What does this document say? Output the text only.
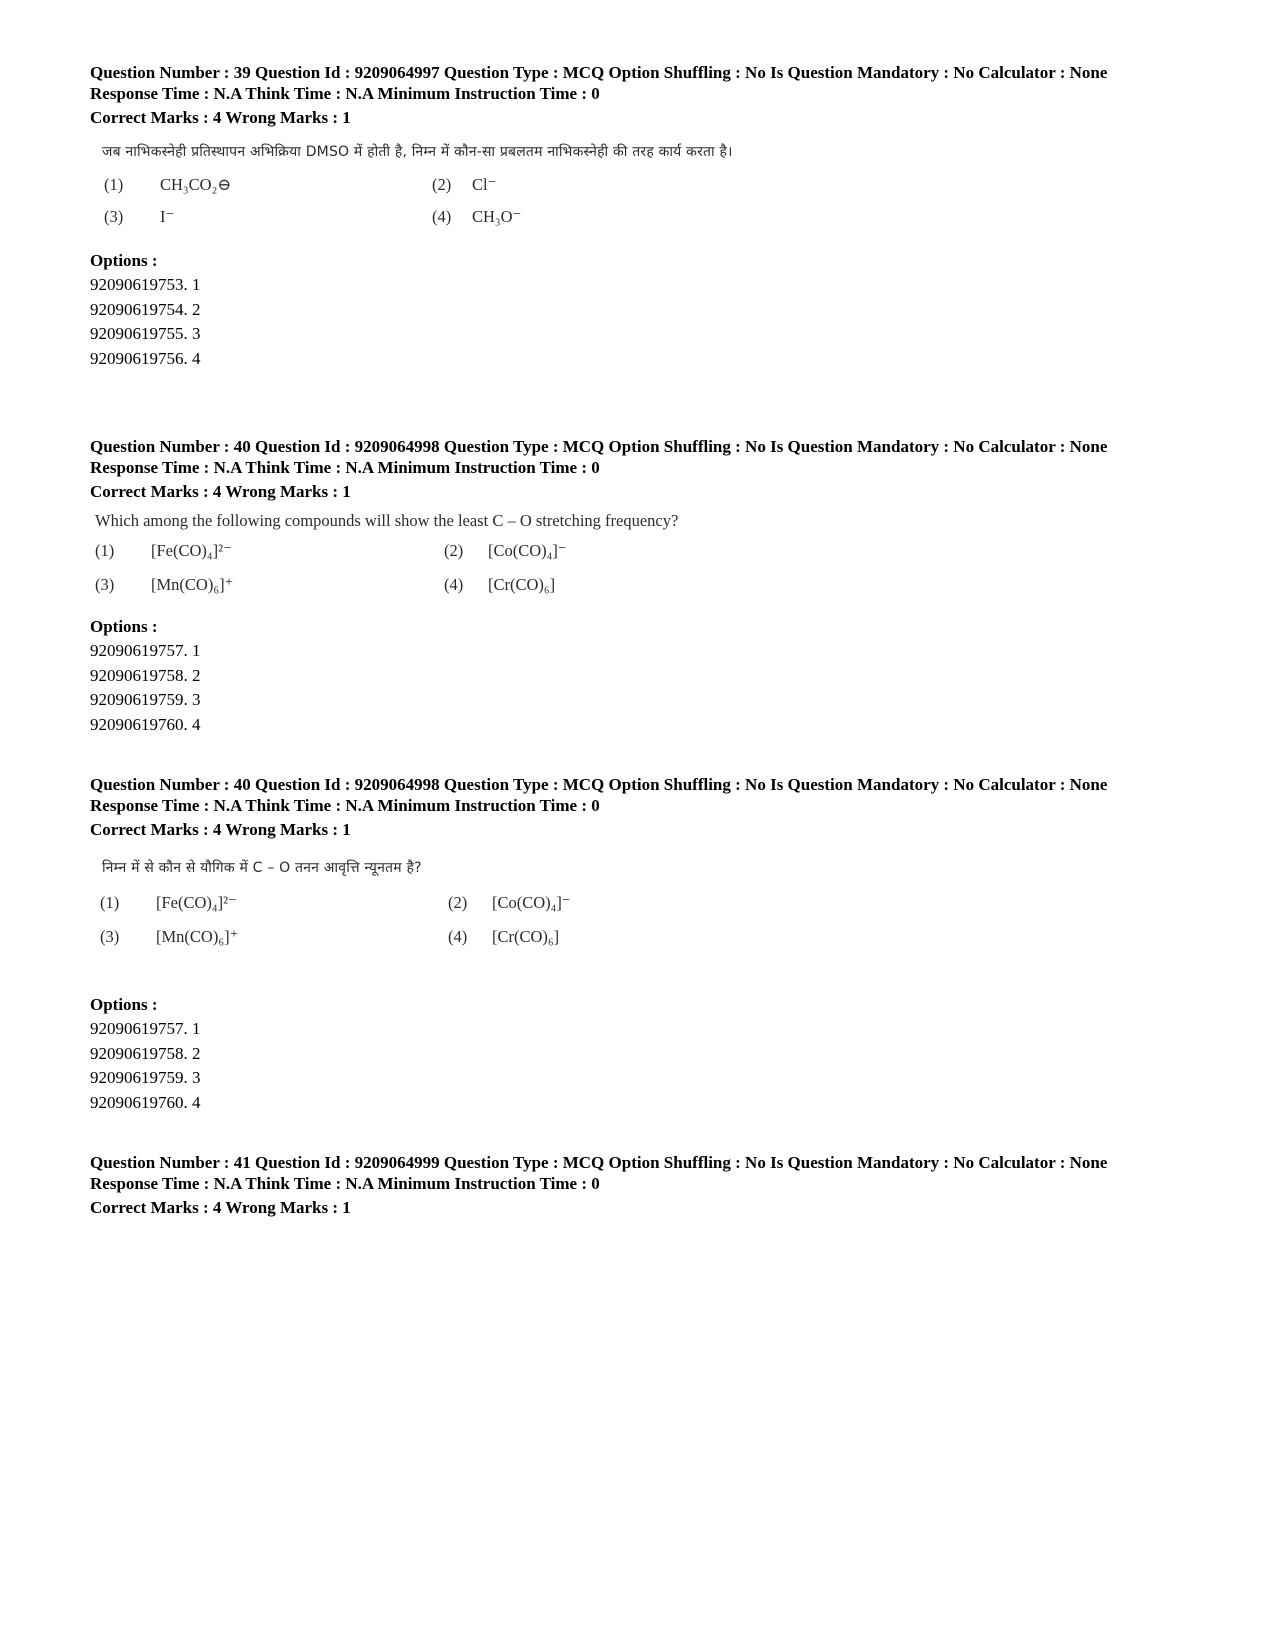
Question Number : 39 Question Id : 9209064997 Question Type : MCQ Option Shuffling : No Is Question Mandatory : No Calculator : None
Response Time : N.A Think Time : N.A Minimum Instruction Time : 0
Correct Marks : 4 Wrong Marks : 1
जब नाभिकस्नेही प्रतिस्थापन अभिक्रिया DMSO में होती है, निम्न में कौन-सा प्रबलतम नाभिकस्नेही की तरह कार्य करता है।
(1) CH₃CO₂⊖	(2) Cl⁻
(3) I⁻	(4) CH₃O⁻
Options :
92090619753. 1
92090619754. 2
92090619755. 3
92090619756. 4
Question Number : 40 Question Id : 9209064998 Question Type : MCQ Option Shuffling : No Is Question Mandatory : No Calculator : None
Response Time : N.A Think Time : N.A Minimum Instruction Time : 0
Correct Marks : 4 Wrong Marks : 1
Which among the following compounds will show the least C – O stretching frequency?
(1) [Fe(CO)₄]²⁻	(2) [Co(CO)₄]⁻
(3) [Mn(CO)₆]⁺	(4) [Cr(CO)₆]
Options :
92090619757. 1
92090619758. 2
92090619759. 3
92090619760. 4
Question Number : 40 Question Id : 9209064998 Question Type : MCQ Option Shuffling : No Is Question Mandatory : No Calculator : None
Response Time : N.A Think Time : N.A Minimum Instruction Time : 0
Correct Marks : 4 Wrong Marks : 1
निम्न में से कौन से यौगिक में C – O तनन आवृत्ति न्यूनतम है?
(1) [Fe(CO)₄]²⁻	(2) [Co(CO)₄]⁻
(3) [Mn(CO)₆]⁺	(4) [Cr(CO)₆]
Options :
92090619757. 1
92090619758. 2
92090619759. 3
92090619760. 4
Question Number : 41 Question Id : 9209064999 Question Type : MCQ Option Shuffling : No Is Question Mandatory : No Calculator : None
Response Time : N.A Think Time : N.A Minimum Instruction Time : 0
Correct Marks : 4 Wrong Marks : 1
